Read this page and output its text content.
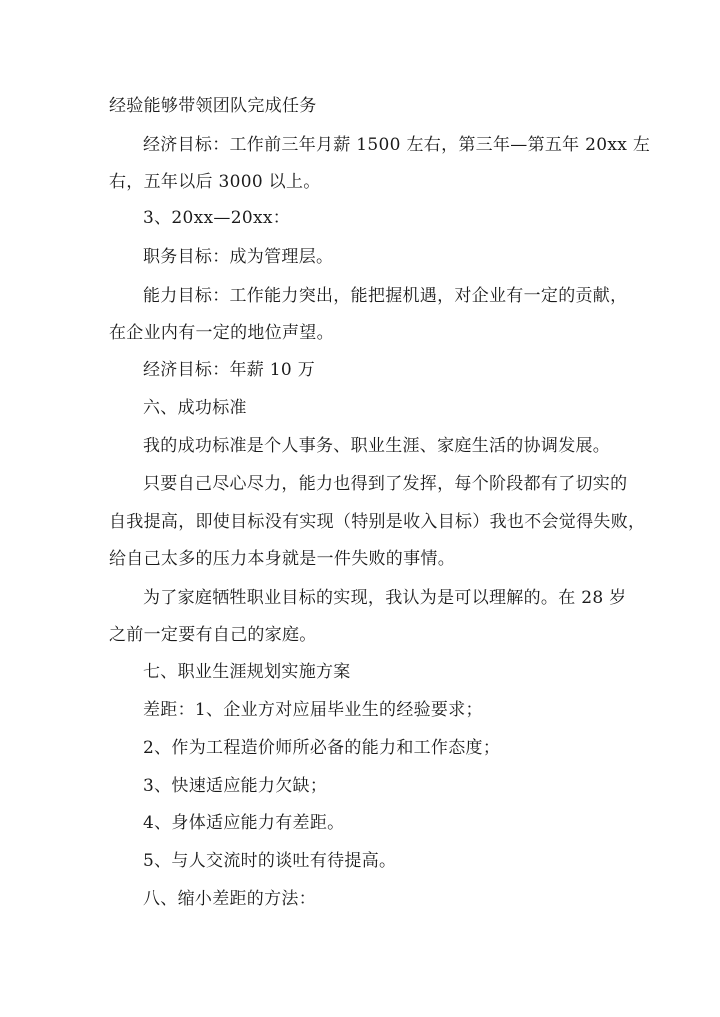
经验能够带领团队完成任务
经济目标：工作前三年月薪 1500 左右，第三年—第五年 20xx 左
右，五年以后 3000 以上。
3、20xx—20xx：
职务目标：成为管理层。
能力目标：工作能力突出，能把握机遇，对企业有一定的贡献，
在企业内有一定的地位声望。
经济目标：年薪 10 万
六、成功标准
我的成功标准是个人事务、职业生涯、家庭生活的协调发展。
只要自己尽心尽力，能力也得到了发挥，每个阶段都有了切实的
自我提高，即使目标没有实现（特别是收入目标）我也不会觉得失败，
给自己太多的压力本身就是一件失败的事情。
为了家庭牺牲职业目标的实现，我认为是可以理解的。在 28 岁
之前一定要有自己的家庭。
七、职业生涯规划实施方案
差距：1、企业方对应届毕业生的经验要求；
2、作为工程造价师所必备的能力和工作态度；
3、快速适应能力欠缺；
4、身体适应能力有差距。
5、与人交流时的谈吐有待提高。
八、缩小差距的方法：
